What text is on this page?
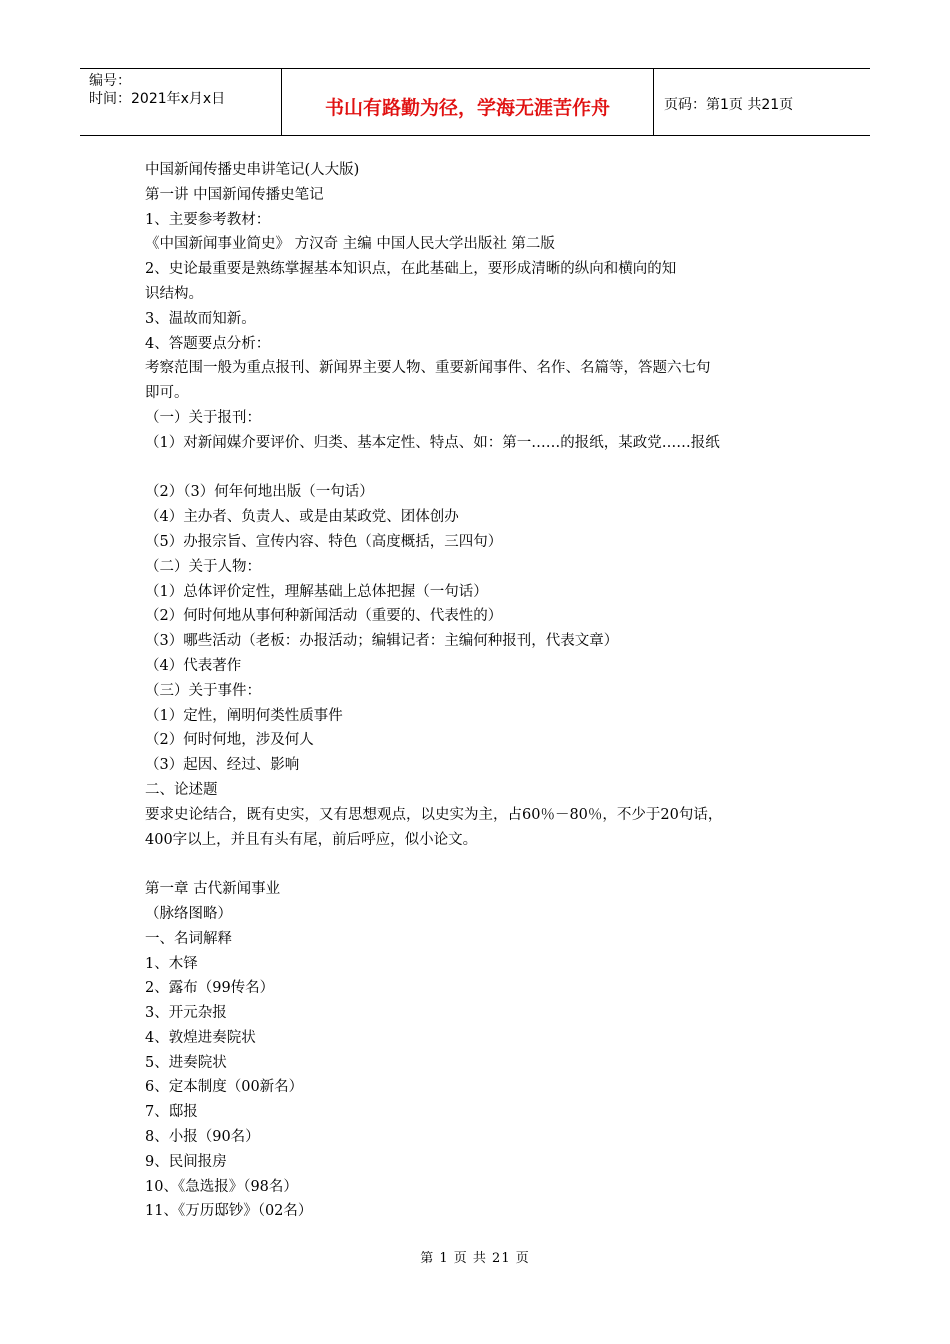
编号：
时间：2021年x月x日	书山有路勤为径，学海无涯苦作舟	页码：第1页 共21页
中国新闻传播史串讲笔记(人大版)
第一讲 中国新闻传播史笔记
1、主要参考教材：
《中国新闻事业简史》 方汉奇 主编 中国人民大学出版社 第二版
2、史论最重要是熟练掌握基本知识点，在此基础上，要形成清晰的纵向和横向的知
识结构。
3、温故而知新。
4、答题要点分析：
考察范围一般为重点报刊、新闻界主要人物、重要新闻事件、名作、名篇等，答题六七句
即可。
（一）关于报刊：
（1）对新闻媒介要评价、归类、基本定性、特点、如：第一……的报纸，某政党……报纸
（2）（3）何年何地出版（一句话）
（4）主办者、负责人、或是由某政党、团体创办
（5）办报宗旨、宣传内容、特色（高度概括，三四句）
（二）关于人物：
（1）总体评价定性，理解基础上总体把握（一句话）
（2）何时何地从事何种新闻活动（重要的、代表性的）
（3）哪些活动（老板：办报活动；编辑记者：主编何种报刊，代表文章）
（4）代表著作
（三）关于事件：
（1）定性，阐明何类性质事件
（2）何时何地，涉及何人
（3）起因、经过、影响
二、论述题
要求史论结合，既有史实，又有思想观点，以史实为主，占60％－80％，不少于20句话，
400字以上，并且有头有尾，前后呼应，似小论文。
第一章 古代新闻事业
（脉络图略）
一、名词解释
1、木铎
2、露布（99传名）
3、开元杂报
4、敦煌进奏院状
5、进奏院状
6、定本制度（00新名）
7、邸报
8、小报（90名）
9、民间报房
10、《急选报》（98名）
11、《万历邸钞》（02名）
第 1 页 共 21 页
